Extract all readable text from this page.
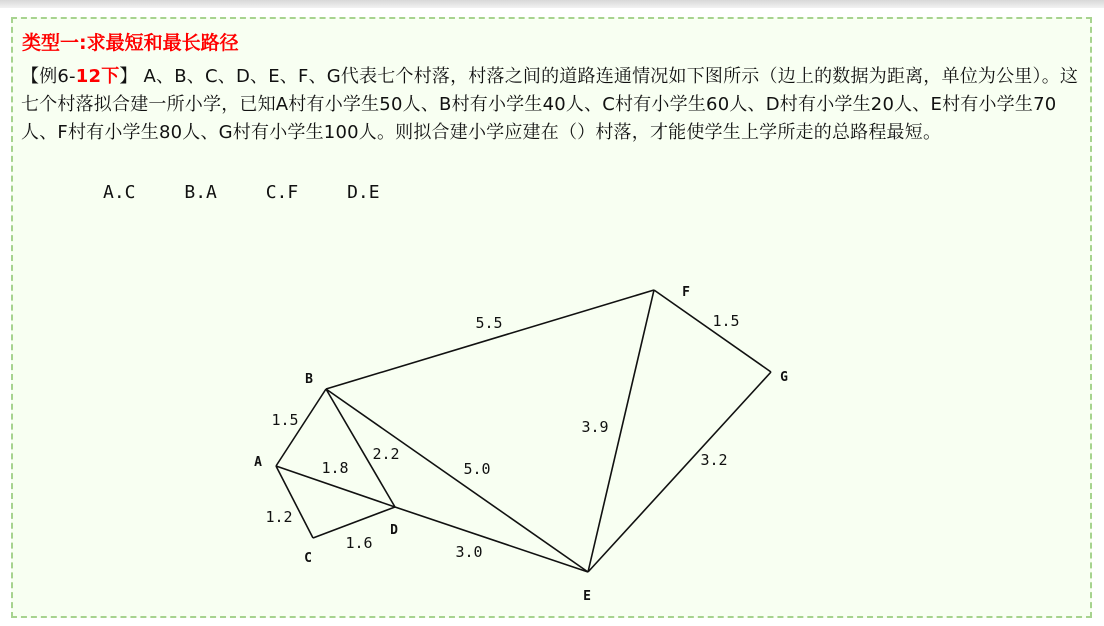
类型一:求最短和最长路径

【例6-12下】 A、B、C、D、E、F、G代表七个村落，村落之间的道路连通情况如下图所示（边上的数据为距离，单位为公里）。这七个村落拟合建一所小学，已知A村有小学生50人、B村有小学生40人、C村有小学生60人、D村有小学生20人、E村有小学生70人、F村有小学生80人、G村有小学生100人。则拟合建小学应建在（）村落，才能使学生上学所走的总路程最短。

A.C	B.A	C.F	D.E
5.5	1.5
1.5
2.2
5.0
1.8
1.2
1.6	3.0
3.9
3.2
A
B
C
D
E
F
G
